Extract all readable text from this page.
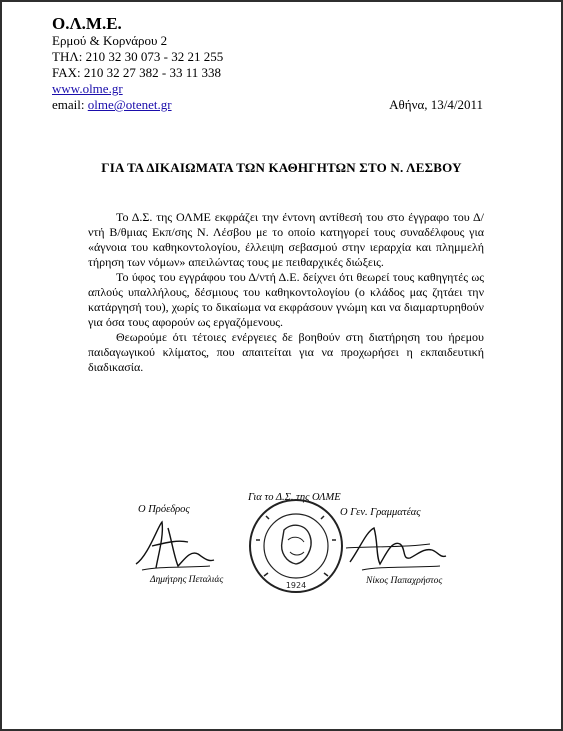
Ο.Λ.Μ.Ε.
Ερμού & Κορνάρου 2
ΤΗΛ: 210 32 30 073 - 32 21 255
FAX: 210 32 27 382 - 33 11 338
www.olme.gr
email: olme@otenet.gr	Αθήνα, 13/4/2011
ΓΙΑ ΤΑ ΔΙΚΑΙΩΜΑΤΑ ΤΩΝ ΚΑΘΗΓΗΤΩΝ ΣΤΟ Ν. ΛΕΣΒΟΥ

Το Δ.Σ. της ΟΛΜΕ εκφράζει την έντονη αντίθεσή του στο έγγραφο του Δ/ντή Β/θμιας Εκπ/σης Ν. Λέσβου με το οποίο κατηγορεί τους συναδέλφους για «άγνοια του καθηκοντολογίου, έλλειψη σεβασμού στην ιεραρχία και πλημμελή τήρηση των νόμων» απειλώντας τους με πειθαρχικές διώξεις.

Το ύφος του εγγράφου του Δ/ντή Δ.Ε. δείχνει ότι θεωρεί τους καθηγητές ως απλούς υπαλλήλους, δέσμιους του καθηκοντολογίου (ο κλάδος μας ζητάει την κατάργησή του), χωρίς το δικαίωμα να εκφράσουν γνώμη και να διαμαρτυρηθούν για όσα τους αφορούν ως εργαζόμενους.

Θεωρούμε ότι τέτοιες ενέργειες δε βοηθούν στη διατήρηση του ήρεμου παιδαγωγικού κλίματος, που απαιτείται για να προχωρήσει η εκπαιδευτική διαδικασία.

Ο Πρόεδρος
Δημήτρης Πεταλιάς
Για το Δ.Σ. της ΟΛΜΕ
1924
Ο Γεν. Γραμματέας
Νίκος Παπαχρήστος
